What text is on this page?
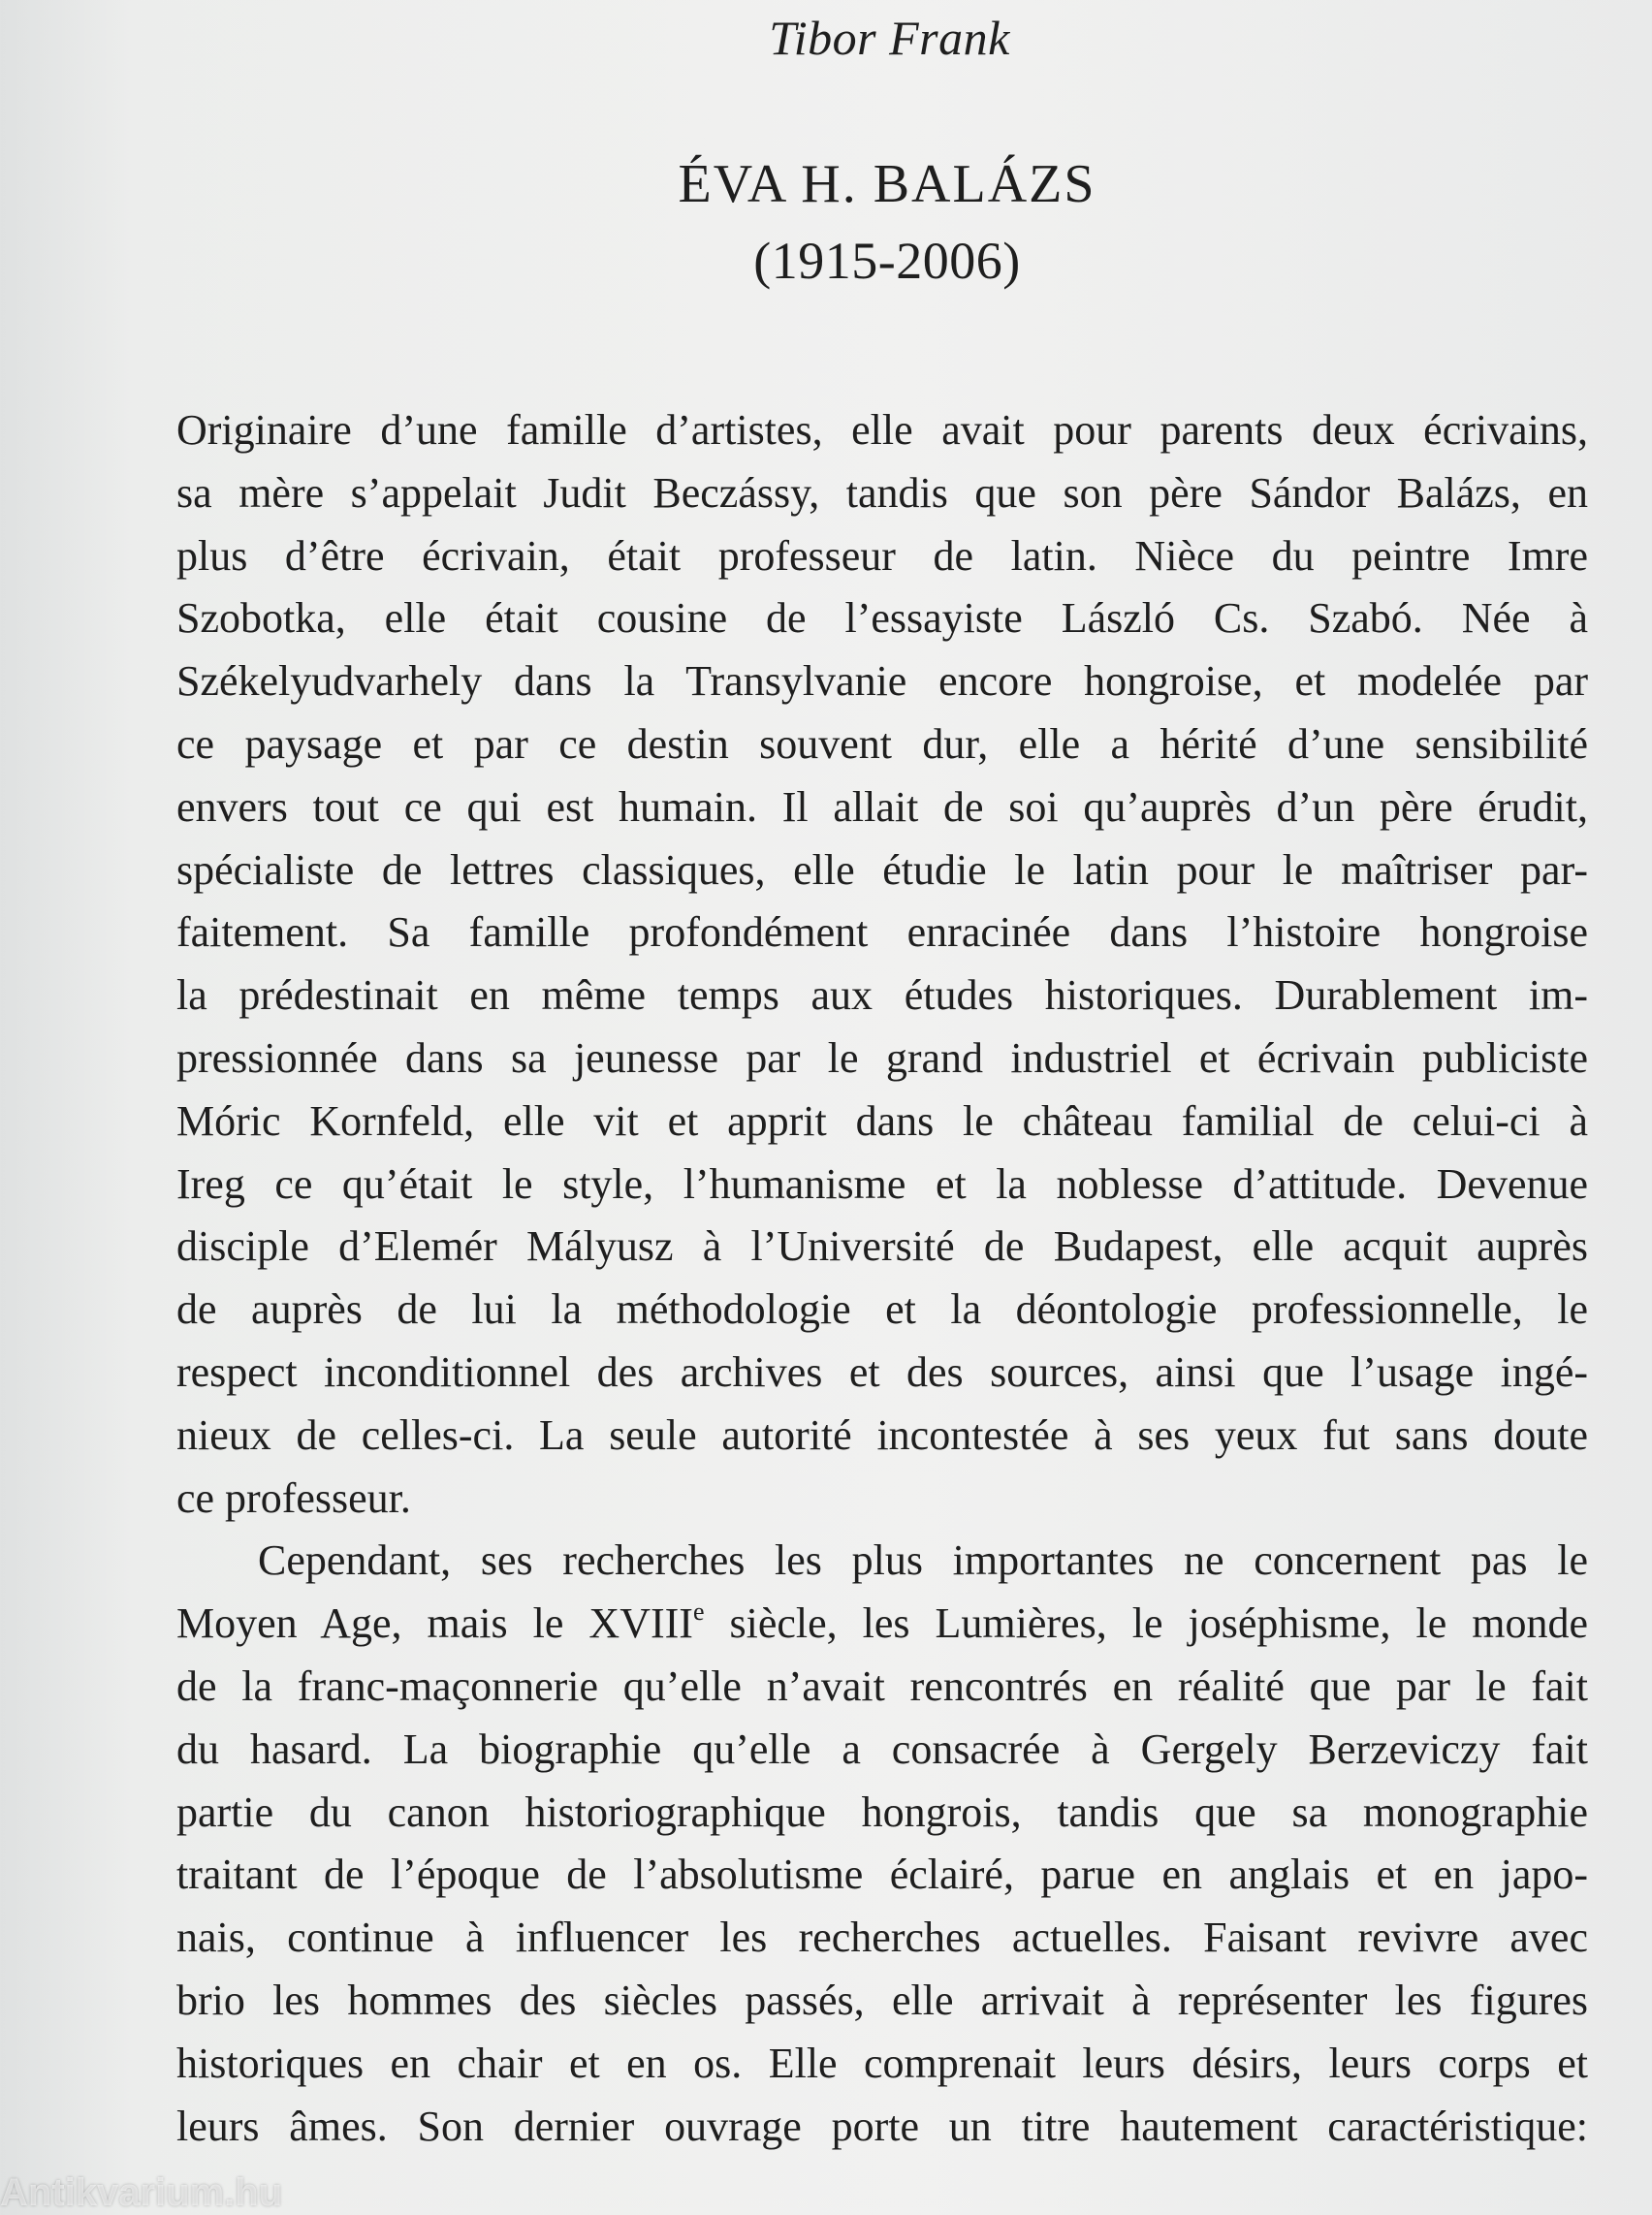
Tibor Frank
ÉVA H. BALÁZS
(1915-2006)
Originaire d’une famille d’artistes, elle avait pour parents deux écrivains,
sa mère s’appelait Judit Beczássy, tandis que son père Sándor Balázs, en
plus d’être écrivain, était professeur de latin. Nièce du peintre Imre
Szobotka, elle était cousine de l’essayiste László Cs. Szabó. Née à
Székelyudvarhely dans la Transylvanie encore hongroise, et modelée par
ce paysage et par ce destin souvent dur, elle a hérité d’une sensibilité
envers tout ce qui est humain. Il allait de soi qu’auprès d’un père érudit,
spécialiste de lettres classiques, elle étudie le latin pour le maîtriser par-
faitement. Sa famille profondément enracinée dans l’histoire hongroise
la prédestinait en même temps aux études historiques. Durablement im-
pressionnée dans sa jeunesse par le grand industriel et écrivain publiciste
Móric Kornfeld, elle vit et apprit dans le château familial de celui-ci à
Ireg ce qu’était le style, l’humanisme et la noblesse d’attitude. Devenue
disciple d’Elemér Mályusz à l’Université de Budapest, elle acquit auprès
de auprès de lui la méthodologie et la déontologie professionnelle, le
respect inconditionnel des archives et des sources, ainsi que l’usage ingé-
nieux de celles-ci. La seule autorité incontestée à ses yeux fut sans doute
ce professeur.
Cependant, ses recherches les plus importantes ne concernent pas le
Moyen Age, mais le XVIIIe siècle, les Lumières, le joséphisme, le monde
de la franc-maçonnerie qu’elle n’avait rencontrés en réalité que par le fait
du hasard. La biographie qu’elle a consacrée à Gergely Berzeviczy fait
partie du canon historiographique hongrois, tandis que sa monographie
traitant de l’époque de l’absolutisme éclairé, parue en anglais et en japo-
nais, continue à influencer les recherches actuelles. Faisant revivre avec
brio les hommes des siècles passés, elle arrivait à représenter les figures
historiques en chair et en os. Elle comprenait leurs désirs, leurs corps et
leurs âmes. Son dernier ouvrage porte un titre hautement caractéristique:
Antikvarium.hu
